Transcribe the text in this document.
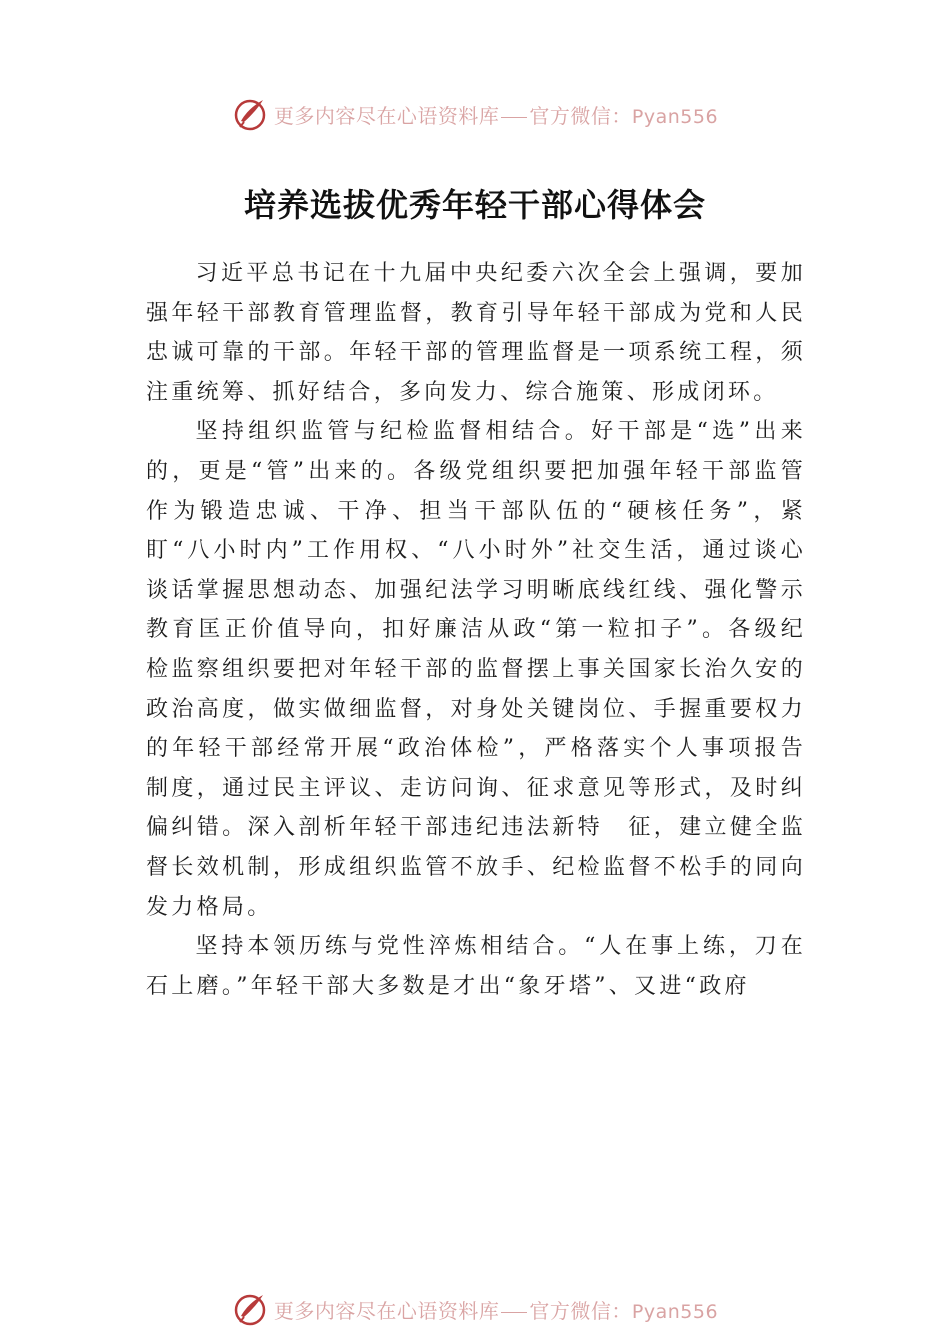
更多内容尽在心语资料库 官方微信：Pyan556
培养选拔优秀年轻干部心得体会

习近平总书记在十九届中央纪委六次全会上强调，要加强年轻干部教育管理监督，教育引导年轻干部成为党和人民忠诚可靠的干部。年轻干部的管理监督是一项系统工程，须注重统筹、抓好结合，多向发力、综合施策、形成闭环。

坚持组织监管与纪检监督相结合。好干部是“选”出来的，更是“管”出来的。各级党组织要把加强年轻干部监管作为锻造忠诚、干净、担当干部队伍的“硬核任务”，紧盯“八小时内”工作用权、“八小时外”社交生活，通过谈心谈话掌握思想动态、加强纪法学习明晰底线红线、强化警示教育匡正价值导向，扣好廉洁从政“第一粒扣子”。各级纪检监察组织要把对年轻干部的监督摆上事关国家长治久安的政治高度，做实做细监督，对身处关键岗位、手握重要权力的年轻干部经常开展“政治体检”，严格落实个人事项报告制度，通过民主评议、走访问询、征求意见等形式，及时纠偏纠错。深入剖析年轻干部违纪违法新特　征，建立健全监督长效机制，形成组织监管不放手、纪检监督不松手的同向发力格局。

坚持本领历练与党性淬炼相结合。“人在事上练，刀在石上磨。”年轻干部大多数是才出“象牙塔”、又进“政府

更多内容尽在心语资料库 官方微信：Pyan556
